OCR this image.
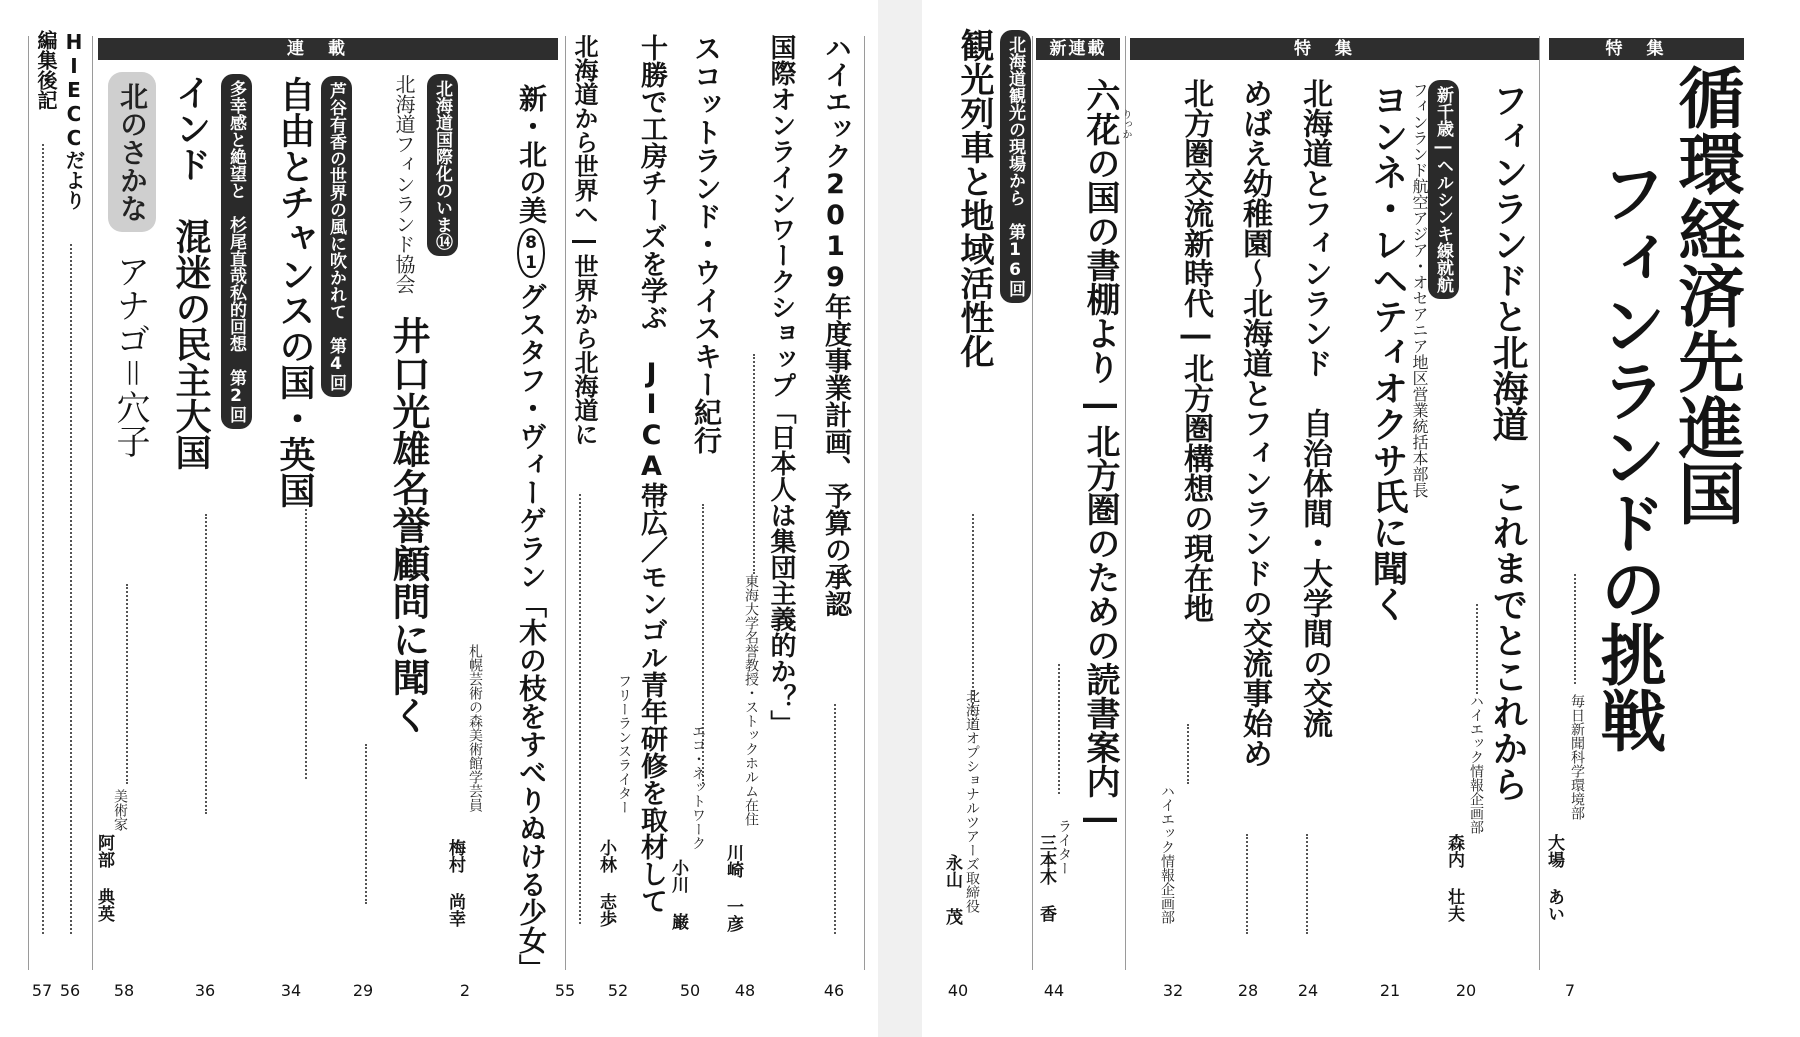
特集
特集
新連載
循環経済先進国
フィンランドの挑戦
毎日新聞科学環境部
大場 あい
7
フィンランドと北海道　これまでとこれから
ハイエック情報企画部
森内 壮夫
20
新千歳―ヘルシンキ線就航
フィンランド航空アジア・オセアニア地区営業統括本部長
ヨンネ・レヘティオクサ氏に聞く
21
北海道とフィンランド　自治体間・大学間の交流
24
めばえ幼稚園～北海道とフィンランドの交流事始め
28
北方圏交流新時代―北方圏構想の現在地
ハイエック情報企画部
32
りっか
六花の国の書棚より―北方圏のための読書案内―
ライター
三本木 香
44
北海道観光の現場から　第16回
観光列車と地域活性化
北海道オプショナルツアーズ取締役
永山 茂
40
連載	ハイエック2019年度事業計画、予算の承認
46
国際オンラインワークショップ「日本人は集団主義的か？」
東海大学名誉教授・ストックホルム在住
川崎 一彦
48
スコットランド・ウイスキー紀行
エコ・ネットワーク
小川 巌
50
十勝で工房チーズを学ぶ　JICA帯広／モンゴル青年研修を取材して
フリーランスライター
小林 志歩
52
北海道から世界へ―世界から北海道に
55
新・北の美81グスタフ・ヴィーゲラン「木の枝をすべりぬける少女」
札幌芸術の森美術館学芸員
梅村 尚幸
2
北海道国際化のいま⑭
北海道フィンランド協会
井口光雄名誉顧問に聞く
29
芦谷有香の世界の風に吹かれて　第4回
自由とチャンスの国・英国
34
多幸感と絶望と　杉尾直哉私的回想　第2回
インド　混迷の民主大国
36
北のさかな
アナゴ＝穴子
美術家
阿部 典英
58
HIECCだより
56
編集後記
57
